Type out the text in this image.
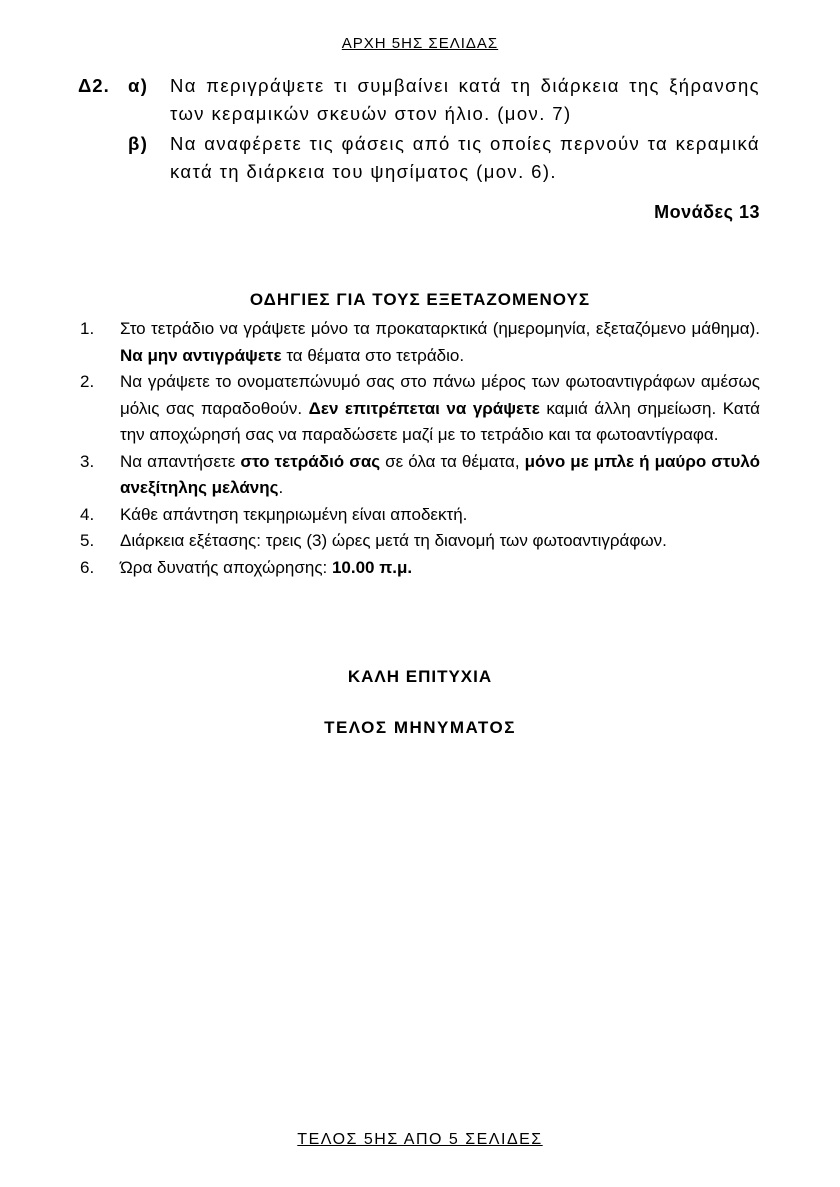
ΑΡΧΗ 5ΗΣ ΣΕΛΙΔΑΣ
Δ2. α)	Να περιγράψετε τι συμβαίνει κατά τη διάρκεια της ξήρανσης των κεραμικών σκευών στον ήλιο. (μον. 7)
β)	Να αναφέρετε τις φάσεις από τις οποίες περνούν τα κεραμικά κατά τη διάρκεια του ψησίματος (μον. 6).
Μονάδες 13
ΟΔΗΓΙΕΣ ΓΙΑ ΤΟΥΣ ΕΞΕΤΑΖΟΜΕΝΟΥΣ
1.	Στο τετράδιο να γράψετε μόνο τα προκαταρκτικά (ημερομηνία, εξεταζόμενο μάθημα). Να μην αντιγράψετε τα θέματα στο τετράδιο.
2.	Να γράψετε το ονοματεπώνυμό σας στο πάνω μέρος των φωτοαντιγράφων αμέσως μόλις σας παραδοθούν. Δεν επιτρέπεται να γράψετε καμιά άλλη σημείωση. Κατά την αποχώρησή σας να παραδώσετε μαζί με το τετράδιο και τα φωτοαντίγραφα.
3.	Να απαντήσετε στο τετράδιό σας σε όλα τα θέματα, μόνο με μπλε ή μαύρο στυλό ανεξίτηλης μελάνης.
4.	Κάθε απάντηση τεκμηριωμένη είναι αποδεκτή.
5.	Διάρκεια εξέτασης: τρεις (3) ώρες μετά τη διανομή των φωτοαντιγράφων.
6.	Ώρα δυνατής αποχώρησης: 10.00 π.μ.
ΚΑΛΗ ΕΠΙΤΥΧΙΑ
ΤΕΛΟΣ ΜΗΝΥΜΑΤΟΣ
ΤΕΛΟΣ 5ΗΣ ΑΠΟ 5 ΣΕΛΙΔΕΣ
